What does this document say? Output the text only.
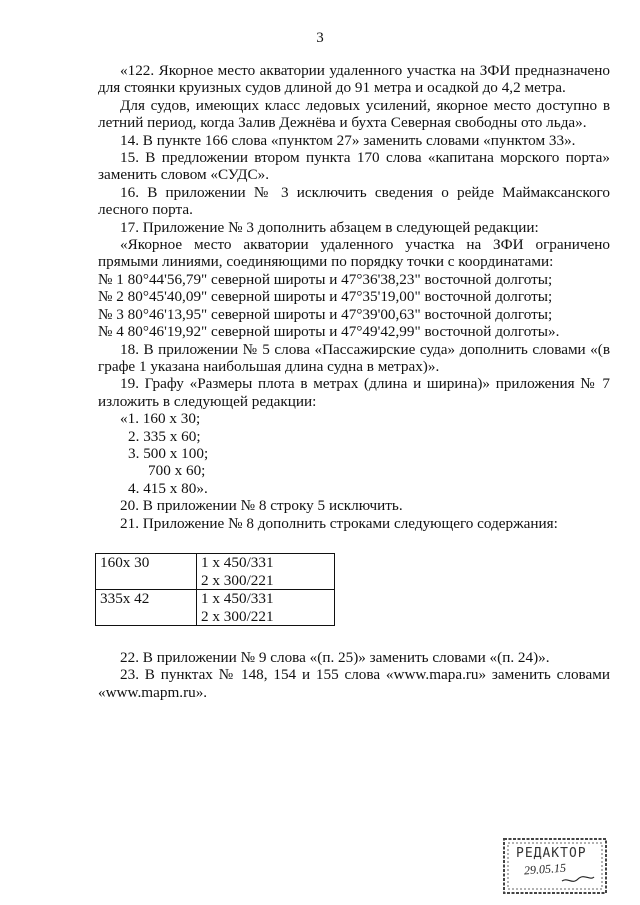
3

«122. Якорное место акватории удаленного участка на ЗФИ предназначено для стоянки круизных судов длиной до 91 метра и осадкой до 4,2 метра.

Для судов, имеющих класс ледовых усилений, якорное место доступно в летний период, когда Залив Дежнёва и бухта Северная свободны ото льда».

14. В пункте 166 слова «пунктом 27» заменить словами «пунктом 33».

15. В предложении втором пункта 170 слова «капитана морского порта» заменить словом «СУДС».

16. В приложении № 3 исключить сведения о рейде Маймаксанского лесного порта.

17. Приложение № 3 дополнить абзацем в следующей редакции:

«Якорное место акватории удаленного участка на ЗФИ ограничено прямыми линиями, соединяющими по порядку точки с координатами:

№ 1 80°44'56,79" северной широты и 47°36'38,23" восточной долготы;

№ 2 80°45'40,09" северной широты и 47°35'19,00" восточной долготы;

№ 3 80°46'13,95" северной широты и 47°39'00,63" восточной долготы;

№ 4 80°46'19,92" северной широты и 47°49'42,99" восточной долготы».

18. В приложении № 5 слова «Пассажирские суда» дополнить словами «(в графе 1 указана наибольшая длина судна в метрах)».

19. Графу «Размеры плота в метрах (длина и ширина)» приложения № 7 изложить в следующей редакции:

«1. 160 x 30;

2. 335 x 60;

3. 500 x 100;

700 x 60;

4. 415 x 80».

20. В приложении № 8 строку 5 исключить.

21. Приложение № 8 дополнить строками следующего содержания:

160x 30	1 x 450/331
2 x 300/221

335x 42	1 x 450/331
2 x 300/221

22. В приложении № 9 слова «(п. 25)» заменить словами «(п. 24)».

23. В пунктах № 148, 154 и 155 слова «www.mapa.ru» заменить словами «www.mapm.ru».

РЕДАКТОР
29.05.15
